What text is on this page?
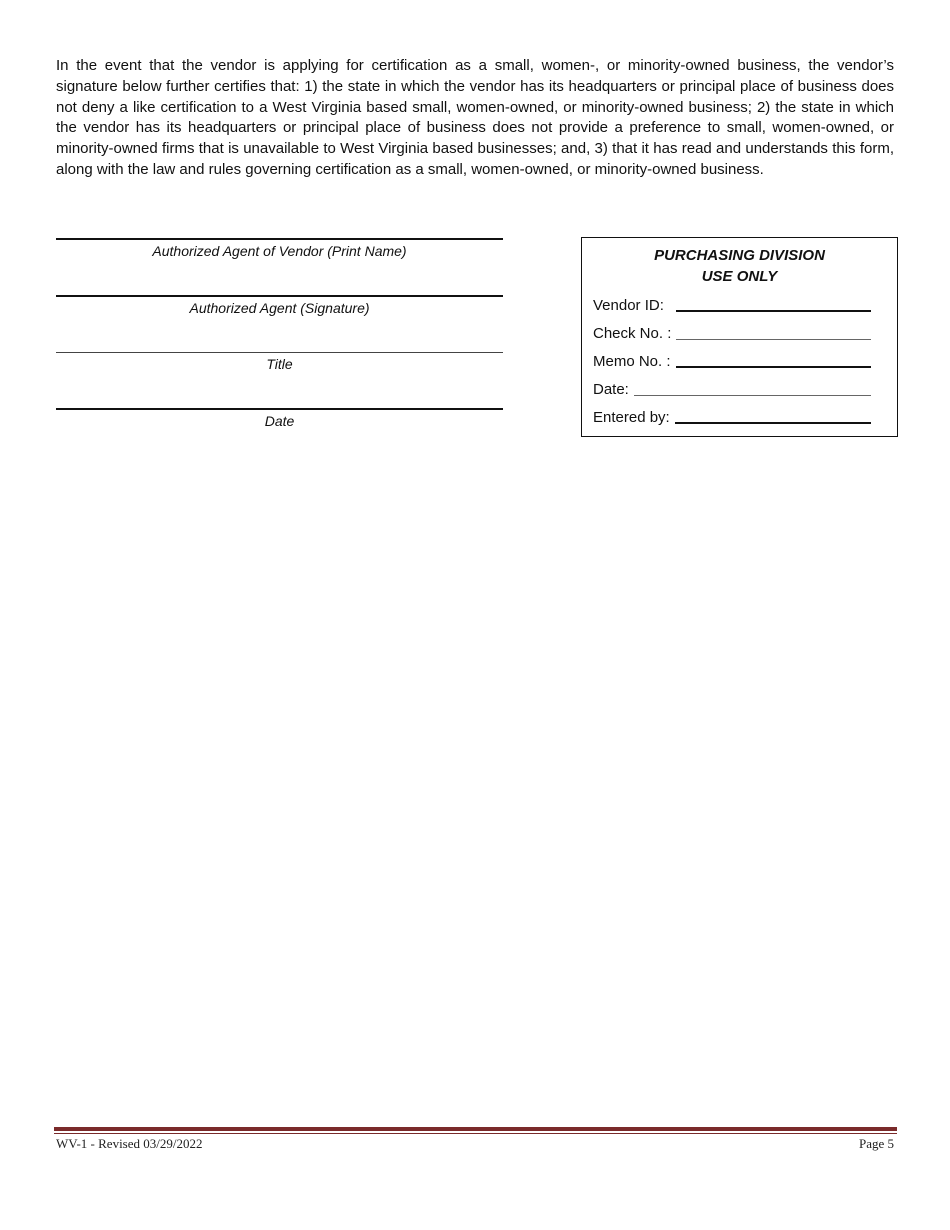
In the event that the vendor is applying for certification as a small, women-, or minority-owned business, the vendor’s signature below further certifies that: 1) the state in which the vendor has its headquarters or principal place of business does not deny a like certification to a West Virginia based small, women-owned, or minority-owned business; 2) the state in which the vendor has its headquarters or principal place of business does not provide a preference to small, women-owned, or minority-owned firms that is unavailable to West Virginia based businesses; and, 3) that it has read and understands this form, along with the law and rules governing certification as a small, women-owned, or minority-owned business.

Authorized Agent of Vendor (Print Name)
Authorized Agent (Signature)
Title
Date
PURCHASING DIVISION
USE ONLY
Vendor ID:
Check No. :
Memo No. :
Date:
Entered by:
WV-1 - Revised 03/29/2022	Page 5
